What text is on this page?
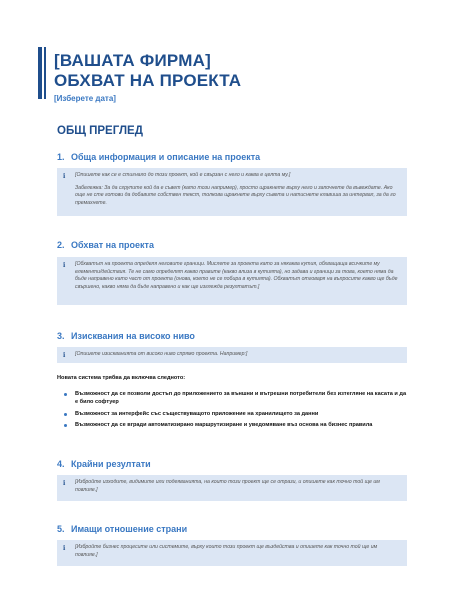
[ВАШАТА ФИРМА]
ОБХВАТ НА ПРОЕКТА
[Изберете дата]
ОБЩ ПРЕГЛЕД
1. Обща информация и описание на проекта
i [Опишете как се е стигнало до този проект, кой е свързан с него и каква е целта му.]

Забележка: За да сгрупите кой да е съвет (като този например), просто щракнете върху него и започнете да въвеждате. Ако още не сте готови да добавите собствен текст, толкова щракнете върху съвета и натиснете клавиша за интервал, за да го премахнете.

2. Обхват на проекта
i [Обхватът на проекта определя неговите граници. Мислете за проекта като за някаква кутия, обхващаща всичките му елементи/действия. Те не само определят какво правите (какво влиза в кутията), но задава и граници за това, което няма да бъде направено като част от проекта (онова, което не се побира в кутията). Обхватът отговаря на въпросите какво ще бъде свършено, какво няма да бъде направено и как ще изглежда резултатът.]

3. Изисквания на високо ниво
i [Опишете изискванията от високо ниво спрямо проекта. Например:]

Новата система трябва да включва следното:
Възможност да се позволи достъп до приложението за външни и вътрешни потребители без изтегляне на касата и да е било софтуер
Възможност за интерфейс със съществуващото приложение на хранилището за данни
Възможност да се вгради автоматизирано маршрутизиране и уведомяване въз основа на бизнес правила
4. Крайни резултати
i [Избройте изходите, видимите или подеяванията, на които този проект ще се отрази, и опишете как точно той ще им повлияе.]

5. Имащи отношение страни
i [Избройте бизнес процесите или системите, върху които този проект ще въздейства и опишете как точно той ще им повлияе.]
